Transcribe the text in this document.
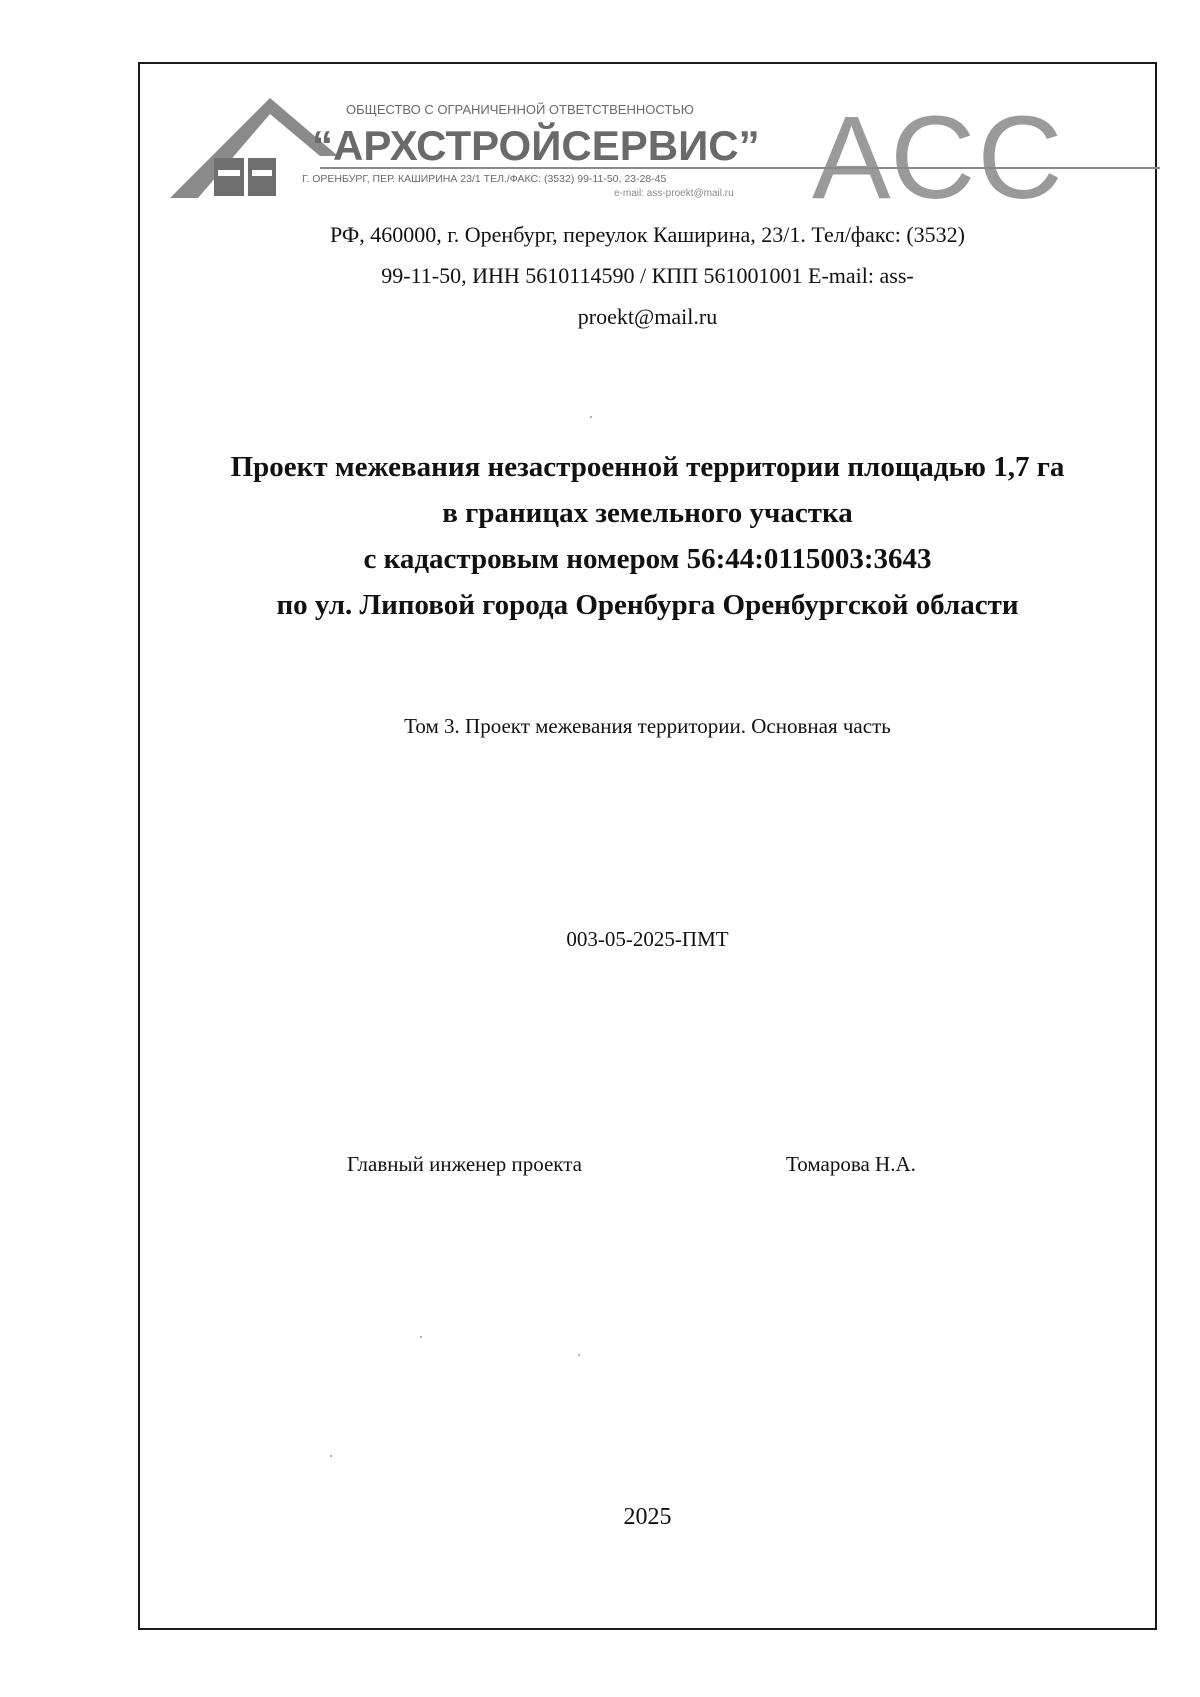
ОБЩЕСТВО С ОГРАНИЧЕННОЙ ОТВЕТСТВЕННОСТЬЮ
“АРХСТРОЙСЕРВИС”
Г. ОРЕНБУРГ, ПЕР. КАШИРИНА 23/1 ТЕЛ./ФАКС: (3532) 99-11-50, 23-28-45
e-mail: ass-proekt@mail.ru АСС
РФ, 460000, г. Оренбург, переулок Каширина, 23/1. Тел/факс: (3532)
99-11-50, ИНН 5610114590 / КПП 561001001 E-mail: ass-
proekt@mail.ru
Проект межевания незастроенной территории площадью 1,7 га
в границах земельного участка
с кадастровым номером 56:44:0115003:3643
по ул. Липовой города Оренбурга Оренбургской области
Том 3. Проект межевания территории. Основная часть
003-05-2025-ПМТ
Главный инженер проекта	Томарова Н.А.
2025
